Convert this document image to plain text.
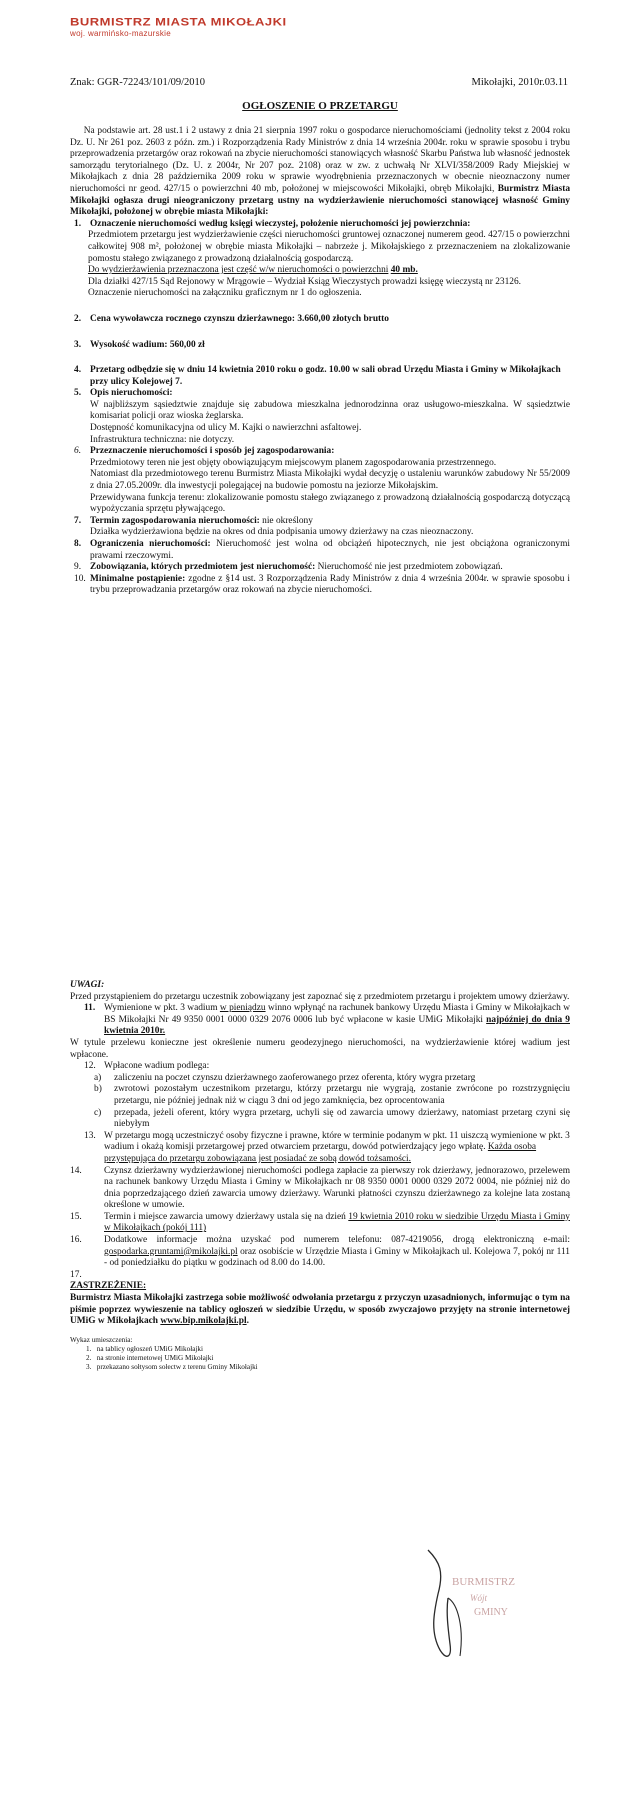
BURMISTRZ MIASTA MIKOŁAJKI
woj. warmińsko-mazurskie
Znak: GGR-72243/101/09/2010	Mikołajki, 2010r.03.11
OGŁOSZENIE O PRZETARGU

Na podstawie art. 28 ust.1 i 2 ustawy z dnia 21 sierpnia 1997 roku o gospodarce nieruchomościami (jednolity tekst z 2004 roku Dz. U. Nr 261 poz. 2603 z późn. zm.) i Rozporządzenia Rady Ministrów z dnia 14 września 2004r. roku w sprawie sposobu i trybu przeprowadzenia przetargów oraz rokowań na zbycie nieruchomości stanowiących własność Skarbu Państwa lub własność jednostek samorządu terytorialnego (Dz. U. z 2004r, Nr 207 poz. 2108) oraz w zw. z uchwałą Nr XLVI/358/2009 Rady Miejskiej w Mikołajkach z dnia 28 października 2009 roku w sprawie wyodrębnienia przeznaczonych w obecnie nieoznaczony numer nieruchomości nr geod. 427/15 o powierzchni 40 mb, położonej w miejscowości Mikołajki, obręb Mikołajki, Burmistrz Miasta Mikołajki ogłasza drugi nieograniczony przetarg ustny na wydzierżawienie nieruchomości stanowiącej własność Gminy Mikołajki, położonej w obrębie miasta Mikołajki:

1. Oznaczenie nieruchomości według księgi wieczystej, położenie nieruchomości jej powierzchnia:

Przedmiotem przetargu jest wydzierżawienie części nieruchomości gruntowej oznaczonej numerem geod. 427/15 o powierzchni całkowitej 908 m², położonej w obrębie miasta Mikołajki – nabrzeże j. Mikołajskiego z przeznaczeniem na zlokalizowanie pomostu stałego związanego z prowadzoną działalnością gospodarczą.

Do wydzierżawienia przeznaczona jest część w/w nieruchomości o powierzchni 40 mb.

Dla działki 427/15 Sąd Rejonowy w Mrągowie – Wydział Ksiąg Wieczystych prowadzi księgę wieczystą nr 23126.

Oznaczenie nieruchomości na załączniku graficznym nr 1 do ogłoszenia.

2. Cena wywoławcza rocznego czynszu dzierżawnego: 3.660,00 złotych brutto
3. Wysokość wadium: 560,00 zł
4. Przetarg odbędzie się w dniu 14 kwietnia 2010 roku o godz. 10.00 w sali obrad Urzędu Miasta i Gminy w Mikołajkach przy ulicy Kolejowej 7.
5. Opis nieruchomości:

W najbliższym sąsiedztwie znajduje się zabudowa mieszkalna jednorodzinna oraz usługowo-mieszkalna. W sąsiedztwie komisariat policji oraz wioska żeglarska.

Dostępność komunikacyjna od ulicy M. Kajki o nawierzchni asfaltowej.

Infrastruktura techniczna: nie dotyczy.

6. Przeznaczenie nieruchomości i sposób jej zagospodarowania:

Przedmiotowy teren nie jest objęty obowiązującym miejscowym planem zagospodarowania przestrzennego.

Natomiast dla przedmiotowego terenu Burmistrz Miasta Mikołajki wydał decyzję o ustaleniu warunków zabudowy Nr 55/2009 z dnia 27.05.2009r. dla inwestycji polegającej na budowie pomostu na jeziorze Mikołajskim.

Przewidywana funkcja terenu: zlokalizowanie pomostu stałego związanego z prowadzoną działalnością gospodarczą dotyczącą wypożyczania sprzętu pływającego.

7. Termin zagospodarowania nieruchomości: nie określony

Działka wydzierżawiona będzie na okres od dnia podpisania umowy dzierżawy na czas nieoznaczony.

8. Ograniczenia nieruchomości: Nieruchomość jest wolna od obciążeń hipotecznych, nie jest obciążona ograniczonymi prawami rzeczowymi.
9. Zobowiązania, których przedmiotem jest nieruchomość: Nieruchomość nie jest przedmiotem zobowiązań.
10. Minimalne postąpienie: zgodne z §14 ust. 3 Rozporządzenia Rady Ministrów z dnia 4 września 2004r. w sprawie sposobu i trybu przeprowadzania przetargów oraz rokowań na zbycie nieruchomości.

UWAGI:

Przed przystąpieniem do przetargu uczestnik zobowiązany jest zapoznać się z przedmiotem przetargu i projektem umowy dzierżawy.

11. Wymienione w pkt. 3 wadium w pieniądzu winno wpłynąć na rachunek bankowy Urzędu Miasta i Gminy w Mikołajkach w BS Mikołajki Nr 49 9350 0001 0000 0329 2076 0006 lub być wpłacone w kasie UMiG Mikołajki najpóźniej do dnia 9 kwietnia 2010r.

W tytule przelewu konieczne jest określenie numeru geodezyjnego nieruchomości, na wydzierżawienie której wadium jest wpłacone.

12. Wpłacone wadium podlega:
a) zaliczeniu na poczet czynszu dzierżawnego zaoferowanego przez oferenta, który wygra przetarg
b) zwrotowi pozostałym uczestnikom przetargu, którzy przetargu nie wygrają, zostanie zwrócone po rozstrzygnięciu przetargu, nie później jednak niż w ciągu 3 dni od jego zamknięcia, bez oprocentowania
c) przepada, jeżeli oferent, który wygra przetarg, uchyli się od zawarcia umowy dzierżawy, natomiast przetarg czyni się niebyłym
13. W przetargu mogą uczestniczyć osoby fizyczne i prawne, które w terminie podanym w pkt. 11 uiszczą wymienione w pkt. 3 wadium i okażą komisji przetargowej przed otwarciem przetargu, dowód potwierdzający jego wpłatę. Każda osoba przystępująca do przetargu zobowiązana jest posiadać ze sobą dowód tożsamości.
14. Czynsz dzierżawny wydzierżawionej nieruchomości podlega zapłacie za pierwszy rok dzierżawy, jednorazowo, przelewem na rachunek bankowy Urzędu Miasta i Gminy w Mikołajkach nr 08 9350 0001 0000 0329 2072 0004, nie później niż do dnia poprzedzającego dzień zawarcia umowy dzierżawy. Warunki płatności czynszu dzierżawnego za kolejne lata zostaną określone w umowie.
15. Termin i miejsce zawarcia umowy dzierżawy ustala się na dzień 19 kwietnia 2010 roku w siedzibie Urzędu Miasta i Gminy w Mikołajkach (pokój 111)
16. Dodatkowe informacje można uzyskać pod numerem telefonu: 087-4219056, drogą elektroniczną e-mail: gospodarka.gruntami@mikolajki.pl oraz osobiście w Urzędzie Miasta i Gminy w Mikołajkach ul. Kolejowa 7, pokój nr 111 - od poniedziałku do piątku w godzinach od 8.00 do 14.00.
17.

ZASTRZEŻENIE:

Burmistrz Miasta Mikołajki zastrzega sobie możliwość odwołania przetargu z przyczyn uzasadnionych, informując o tym na piśmie poprzez wywieszenie na tablicy ogłoszeń w siedzibie Urzędu, w sposób zwyczajowo przyjęty na stronie internetowej UMiG w Mikołajkach www.bip.mikolajki.pl.

Wykaz umieszczenia:

1. na tablicy ogłoszeń UMiG Mikołajki

2. na stronie internetowej UMiG Mikołajki

3. przekazano sołtysom sołectw z terenu Gminy Mikołajki

BURMISTRZ
Wójt
GMINY
